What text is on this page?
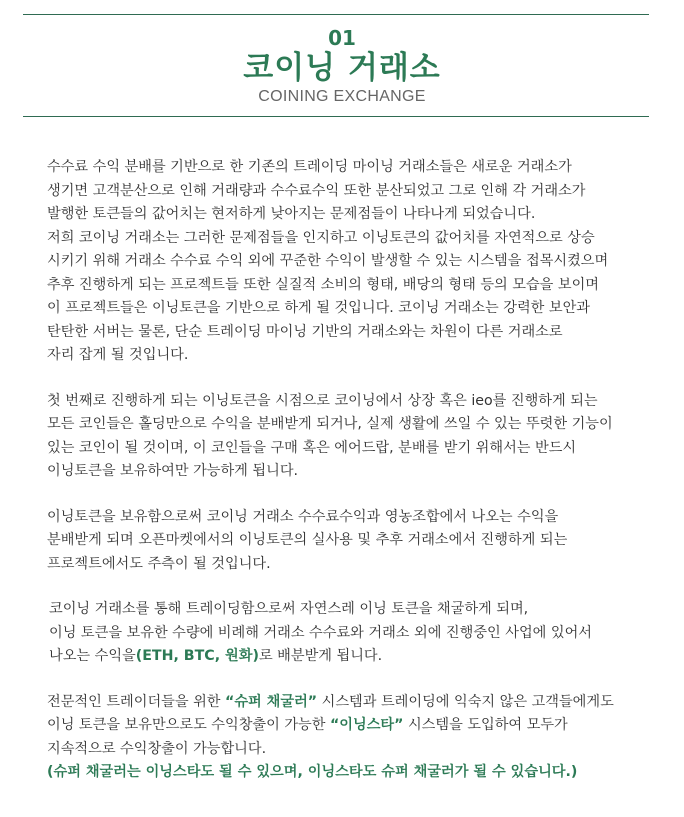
01
코이닝 거래소
COINING EXCHANGE

수수료 수익 분배를 기반으로 한 기존의 트레이딩 마이닝 거래소들은 새로운 거래소가
생기면 고객분산으로 인해 거래량과 수수료수익 또한 분산되었고 그로 인해 각 거래소가
발행한 토큰들의 값어치는 현저하게 낮아지는 문제점들이 나타나게 되었습니다.
저희 코이닝 거래소는 그러한 문제점들을 인지하고 이닝토큰의 값어치를 자연적으로 상승
시키기 위해 거래소 수수료 수익 외에 꾸준한 수익이 발생할 수 있는 시스템을 접목시켰으며
추후 진행하게 되는 프로젝트들 또한 실질적 소비의 형태, 배당의 형태 등의 모습을 보이며
이 프로젝트들은 이닝토큰을 기반으로 하게 될 것입니다. 코이닝 거래소는 강력한 보안과
탄탄한 서버는 물론, 단순 트레이딩 마이닝 기반의 거래소와는 차원이 다른 거래소로
자리 잡게 될 것입니다.

첫 번째로 진행하게 되는 이닝토큰을 시점으로 코이닝에서 상장 혹은 ieo를 진행하게 되는
모든 코인들은 홀딩만으로 수익을 분배받게 되거나, 실제 생활에 쓰일 수 있는 뚜렷한 기능이
있는 코인이 될 것이며, 이 코인들을 구매 혹은 에어드랍, 분배를 받기 위해서는 반드시
이닝토큰을 보유하여만 가능하게 됩니다.

이닝토큰을 보유함으로써 코이닝 거래소 수수료수익과 영농조합에서 나오는 수익을
분배받게 되며 오픈마켓에서의 이닝토큰의 실사용 및 추후 거래소에서 진행하게 되는
프로젝트에서도 주측이 될 것입니다.

코이닝 거래소를 통해 트레이딩함으로써 자연스레 이닝 토큰을 채굴하게 되며,
이닝 토큰을 보유한 수량에 비례해 거래소 수수료와 거래소 외에 진행중인 사업에 있어서
나오는 수익을(ETH, BTC, 원화)로 배분받게 됩니다.

전문적인 트레이더들을 위한 “슈퍼 채굴러” 시스템과 트레이딩에 익숙지 않은 고객들에게도
이닝 토큰을 보유만으로도 수익창출이 가능한 “이닝스타” 시스템을 도입하여 모두가
지속적으로 수익창출이 가능합니다.
(슈퍼 채굴러는 이닝스타도 될 수 있으며, 이닝스타도 슈퍼 채굴러가 될 수 있습니다.)
